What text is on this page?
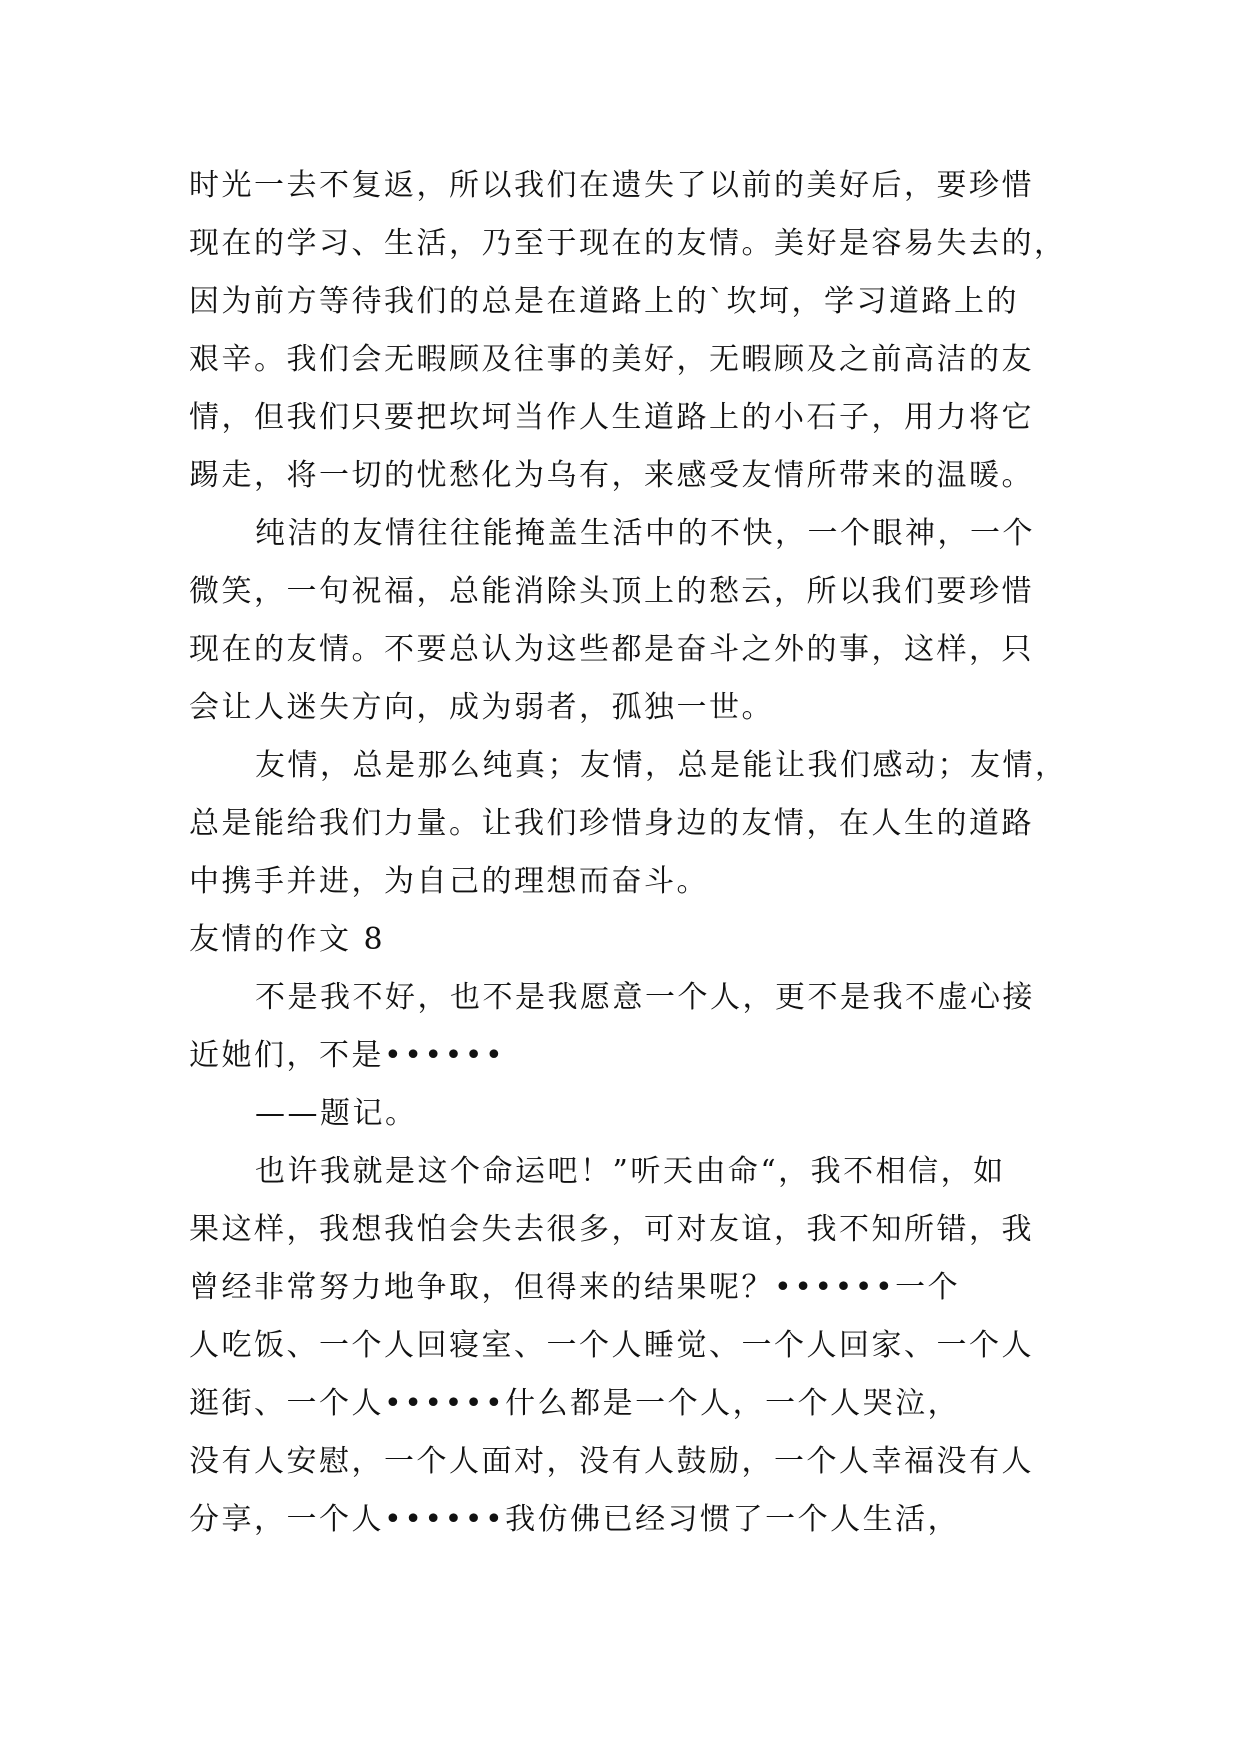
时光一去不复返，所以我们在遗失了以前的美好后，要珍惜
现在的学习、生活，乃至于现在的友情。美好是容易失去的，
因为前方等待我们的总是在道路上的`坎坷，学习道路上的
艰辛。我们会无暇顾及往事的美好，无暇顾及之前高洁的友
情，但我们只要把坎坷当作人生道路上的小石子，用力将它
踢走，将一切的忧愁化为乌有，来感受友情所带来的温暖。
纯洁的友情往往能掩盖生活中的不快，一个眼神，一个
微笑，一句祝福，总能消除头顶上的愁云，所以我们要珍惜
现在的友情。不要总认为这些都是奋斗之外的事，这样，只
会让人迷失方向，成为弱者，孤独一世。
友情，总是那么纯真；友情，总是能让我们感动；友情，
总是能给我们力量。让我们珍惜身边的友情，在人生的道路
中携手并进，为自己的理想而奋斗。
友情的作文 8
不是我不好，也不是我愿意一个人，更不是我不虚心接
近她们，不是••••••
——题记。
也许我就是这个命运吧！”听天由命“，我不相信，如
果这样，我想我怕会失去很多，可对友谊，我不知所错，我
曾经非常努力地争取，但得来的结果呢？••••••一个
人吃饭、一个人回寝室、一个人睡觉、一个人回家、一个人
逛街、一个人••••••什么都是一个人，一个人哭泣，
没有人安慰，一个人面对，没有人鼓励，一个人幸福没有人
分享，一个人••••••我仿佛已经习惯了一个人生活，
